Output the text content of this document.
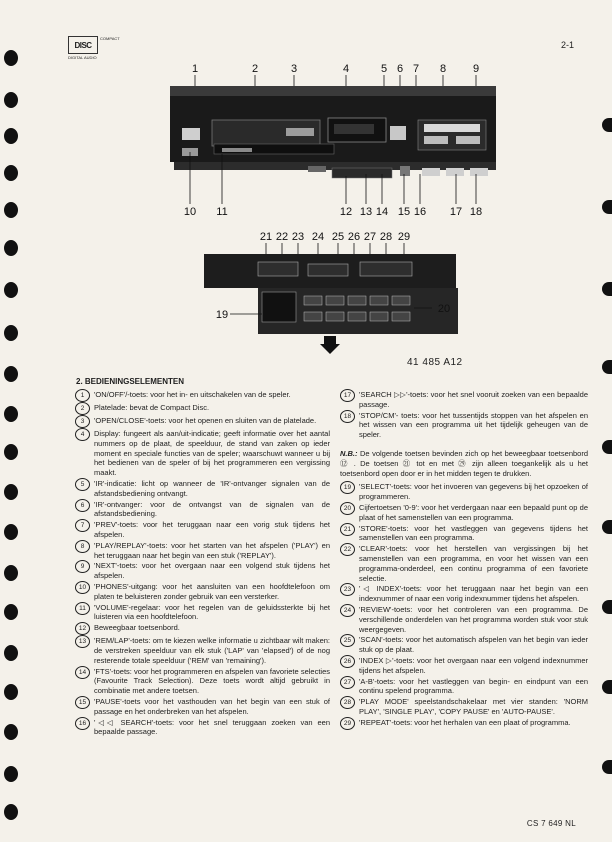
DISC
COMPACT
DIGITAL AUDIO
2-1
1	2	3	4	5 6 7 8 9
10 11	12 13 14 15 16 17 18
21 22 23 24 25 26 27 28 29
19	20
41 485 A12
2. BEDIENINGSELEMENTEN
1	'ON/OFF'/-toets: voor het in- en uitschakelen van de speler.
2	Platelade: bevat de Compact Disc.
3	'OPEN/CLOSE'-toets: voor het openen en sluiten van de platelade.
4	Display: fungeert als aan/uit-indicatie; geeft informatie over het aantal nummers op de plaat, de speelduur, de stand van zaken op ieder moment en speciale functies van de speler; waarschuwt wanneer u bij het bedienen van de speler of bij het programmeren een vergissing maakt.
5	'IR'-indicatie: licht op wanneer de 'IR'-ontvanger signalen van de afstandsbediening ontvangt.
6	'IR'-ontvanger: voor de ontvangst van de signalen van de afstandsbediening.
7	'PREV'-toets: voor het teruggaan naar een vorig stuk tijdens het afspelen.
8	'PLAY/REPLAY'-toets: voor het starten van het afspelen ('PLAY') en het teruggaan naar het begin van een stuk ('REPLAY').
9	'NEXT'-toets: voor het overgaan naar een volgend stuk tijdens het afspelen.
10	'PHONES'-uitgang: voor het aansluiten van een hoofdtelefoon om platen te beluisteren zonder gebruik van een versterker.
11	'VOLUME'-regelaar: voor het regelen van de geluidssterkte bij het luisteren via een hoofdtelefoon.
12	Beweegbaar toetsenbord.
13	'REM/LAP'-toets: om te kiezen welke informatie u zichtbaar wilt maken: de verstreken speelduur van elk stuk ('LAP' van 'elapsed') of de nog resterende totale speelduur ('REM' van 'remaining').
14	'FTS'-toets: voor het programmeren en afspelen van favoriete selecties (Favourite Track Selection). Deze toets wordt altijd gebruikt in combinatie met andere toetsen.
15	'PAUSE'-toets voor het vasthouden van het begin van een stuk of passage en het onderbreken van het afspelen.
16	'◁◁ SEARCH'-toets: voor het snel teruggaan zoeken van een bepaalde passage.
17	'SEARCH ▷▷'-toets: voor het snel vooruit zoeken van een bepaalde passage.
18	'STOP/CM'- toets: voor het tussentijds stoppen van het afspelen en het wissen van een programma uit het tijdelijk geheugen van de speler.

N.B.: De volgende toetsen bevinden zich op het beweegbaar toetsenbord ⑫ . De toetsen ㉑ tot en met ㉙ zijn alleen toegankelijk als u het toetsenbord open door er in het midden tegen te drukken.

19	'SELECT'-toets: voor het invoeren van gegevens bij het opzoeken of programmeren.
20	Cijfertoetsen '0-9': voor het verdergaan naar een bepaald punt op de plaat of het samenstellen van een programma.
21	'STORE'-toets: voor het vastleggen van gegevens tijdens het samenstellen van een programma.
22	'CLEAR'-toets: voor het herstellen van vergissingen bij het samenstellen van een programma, en voor het wissen van een programma-onderdeel, een continu programma of een favoriete selectie.
23	'◁ INDEX'-toets: voor het teruggaan naar het begin van een indexnummer of naar een vorig indexnummer tijdens het afspelen.
24	'REVIEW'-toets: voor het controleren van een programma. De verschillende onderdelen van het programma worden stuk voor stuk weergegeven.
25	'SCAN'-toets: voor het automatisch afspelen van het begin van ieder stuk op de plaat.
26	'INDEX ▷'-toets: voor het overgaan naar een volgend indexnummer tijdens het afspelen.
27	'A-B'-toets: voor het vastleggen van begin- en eindpunt van een continu spelend programma.
28	'PLAY MODE' speelstandschakelaar met vier standen: 'NORM PLAY', 'SINGLE PLAY', 'COPY PAUSE' en 'AUTO-PAUSE'.
29	'REPEAT'-toets: voor het herhalen van een plaat of programma.
CS 7 649 NL
